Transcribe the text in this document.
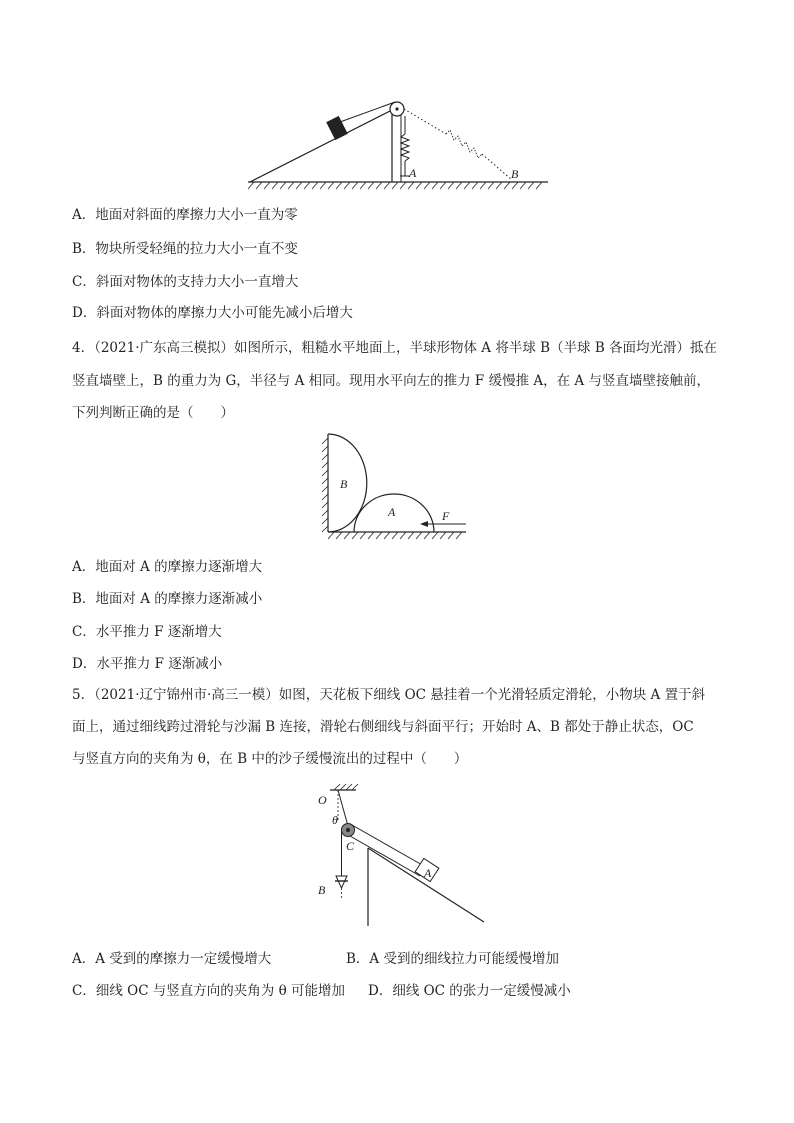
A	B
A．地面对斜面的摩擦力大小一直为零
B．物块所受轻绳的拉力大小一直不变
C．斜面对物体的支持力大小一直增大
D．斜面对物体的摩擦力大小可能先减小后增大
4．（2021·广东高三模拟）如图所示，粗糙水平地面上，半球形物体 A 将半球 B（半球 B 各面均光滑）抵在
竖直墙壁上，B 的重力为 G，半径与 A 相同。现用水平向左的推力 F 缓慢推 A，在 A 与竖直墙壁接触前，
下列判断正确的是（　　）
B
A	F
A．地面对 A 的摩擦力逐渐增大
B．地面对 A 的摩擦力逐渐减小
C．水平推力 F 逐渐增大
D．水平推力 F 逐渐减小
5．（2021·辽宁锦州市·高三一模）如图，天花板下细线 OC 悬挂着一个光滑轻质定滑轮，小物块 A 置于斜
面上，通过细线跨过滑轮与沙漏 B 连接，滑轮右侧细线与斜面平行；开始时 A、B 都处于静止状态，OC
与竖直方向的夹角为 θ，在 B 中的沙子缓慢流出的过程中（　　）
O
θ
C
A
B
A．A 受到的摩擦力一定缓慢增大	B．A 受到的细线拉力可能缓慢增加
C．细线 OC 与竖直方向的夹角为 θ 可能增加 D．细线 OC 的张力一定缓慢减小
